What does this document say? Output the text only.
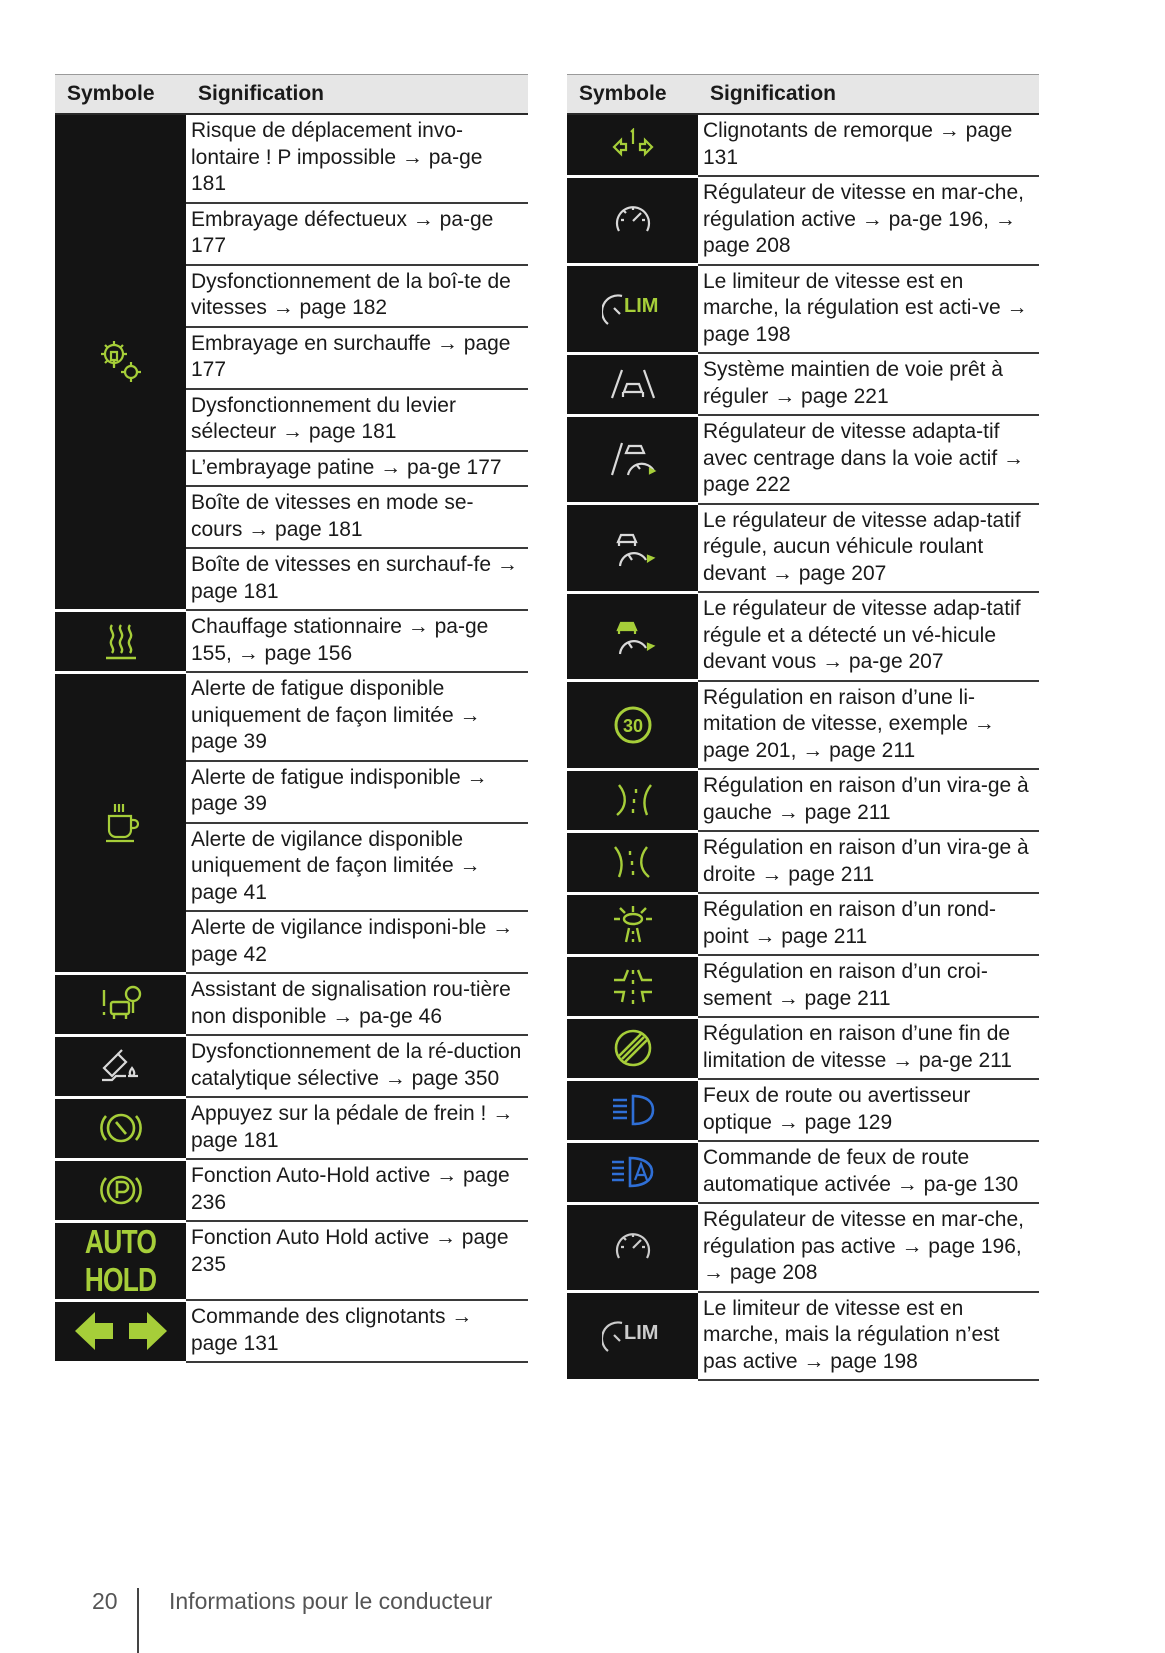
Symbole	Signification

	Risque de déplacement invo-lontaire ! P impossible → pa-ge 181
	Embrayage défectueux → pa-ge 177
	Dysfonctionnement de la boî-te de vitesses → page 182
	Embrayage en surchauffe → page 177
	Dysfonctionnement du levier sélecteur → page 181
	L’embrayage patine → pa-ge 177
	Boîte de vitesses en mode se-cours → page 181
	Boîte de vitesses en surchauf-fe → page 181

	Chauffage stationnaire → pa-ge 155, → page 156

	Alerte de fatigue disponible uniquement de façon limitée → page 39
	Alerte de fatigue indisponible → page 39
	Alerte de vigilance disponible uniquement de façon limitée → page 41
	Alerte de vigilance indisponi-ble → page 42

	Assistant de signalisation rou-tière non disponible → pa-ge 46

	Dysfonctionnement de la ré-duction catalytique sélective → page 350

	Appuyez sur la pédale de frein ! → page 181

	Fonction Auto-Hold active → page 236
AUTO HOLD	Fonction Auto Hold active → page 235

	Commande des clignotants → page 131
Symbole	Signification

	Clignotants de remorque → page 131

	Régulateur de vitesse en mar-che, régulation active → pa-ge 196, → page 208

LIM	Le limiteur de vitesse est en marche, la régulation est acti-ve → page 198

	Système maintien de voie prêt à réguler → page 221

	Régulateur de vitesse adapta-tif avec centrage dans la voie actif → page 222

	Le régulateur de vitesse adap-tatif régule, aucun véhicule roulant devant → page 207

	Le régulateur de vitesse adap-tatif régule et a détecté un vé-hicule devant vous → pa-ge 207

30	Régulation en raison d’une li-mitation de vitesse, exemple → page 201, → page 211

	Régulation en raison d’un vira-ge à gauche → page 211

	Régulation en raison d’un vira-ge à droite → page 211

	Régulation en raison d’un rond-point → page 211

	Régulation en raison d’un croi-sement → page 211

	Régulation en raison d’une fin de limitation de vitesse → pa-ge 211

	Feux de route ou avertisseur optique → page 129

	Commande de feux de route automatique activée → pa-ge 130

	Régulateur de vitesse en mar-che, régulation pas active → page 196, → page 208

LIM	Le limiteur de vitesse est en marche, mais la régulation n’est pas active → page 198
20 Informations pour le conducteur
